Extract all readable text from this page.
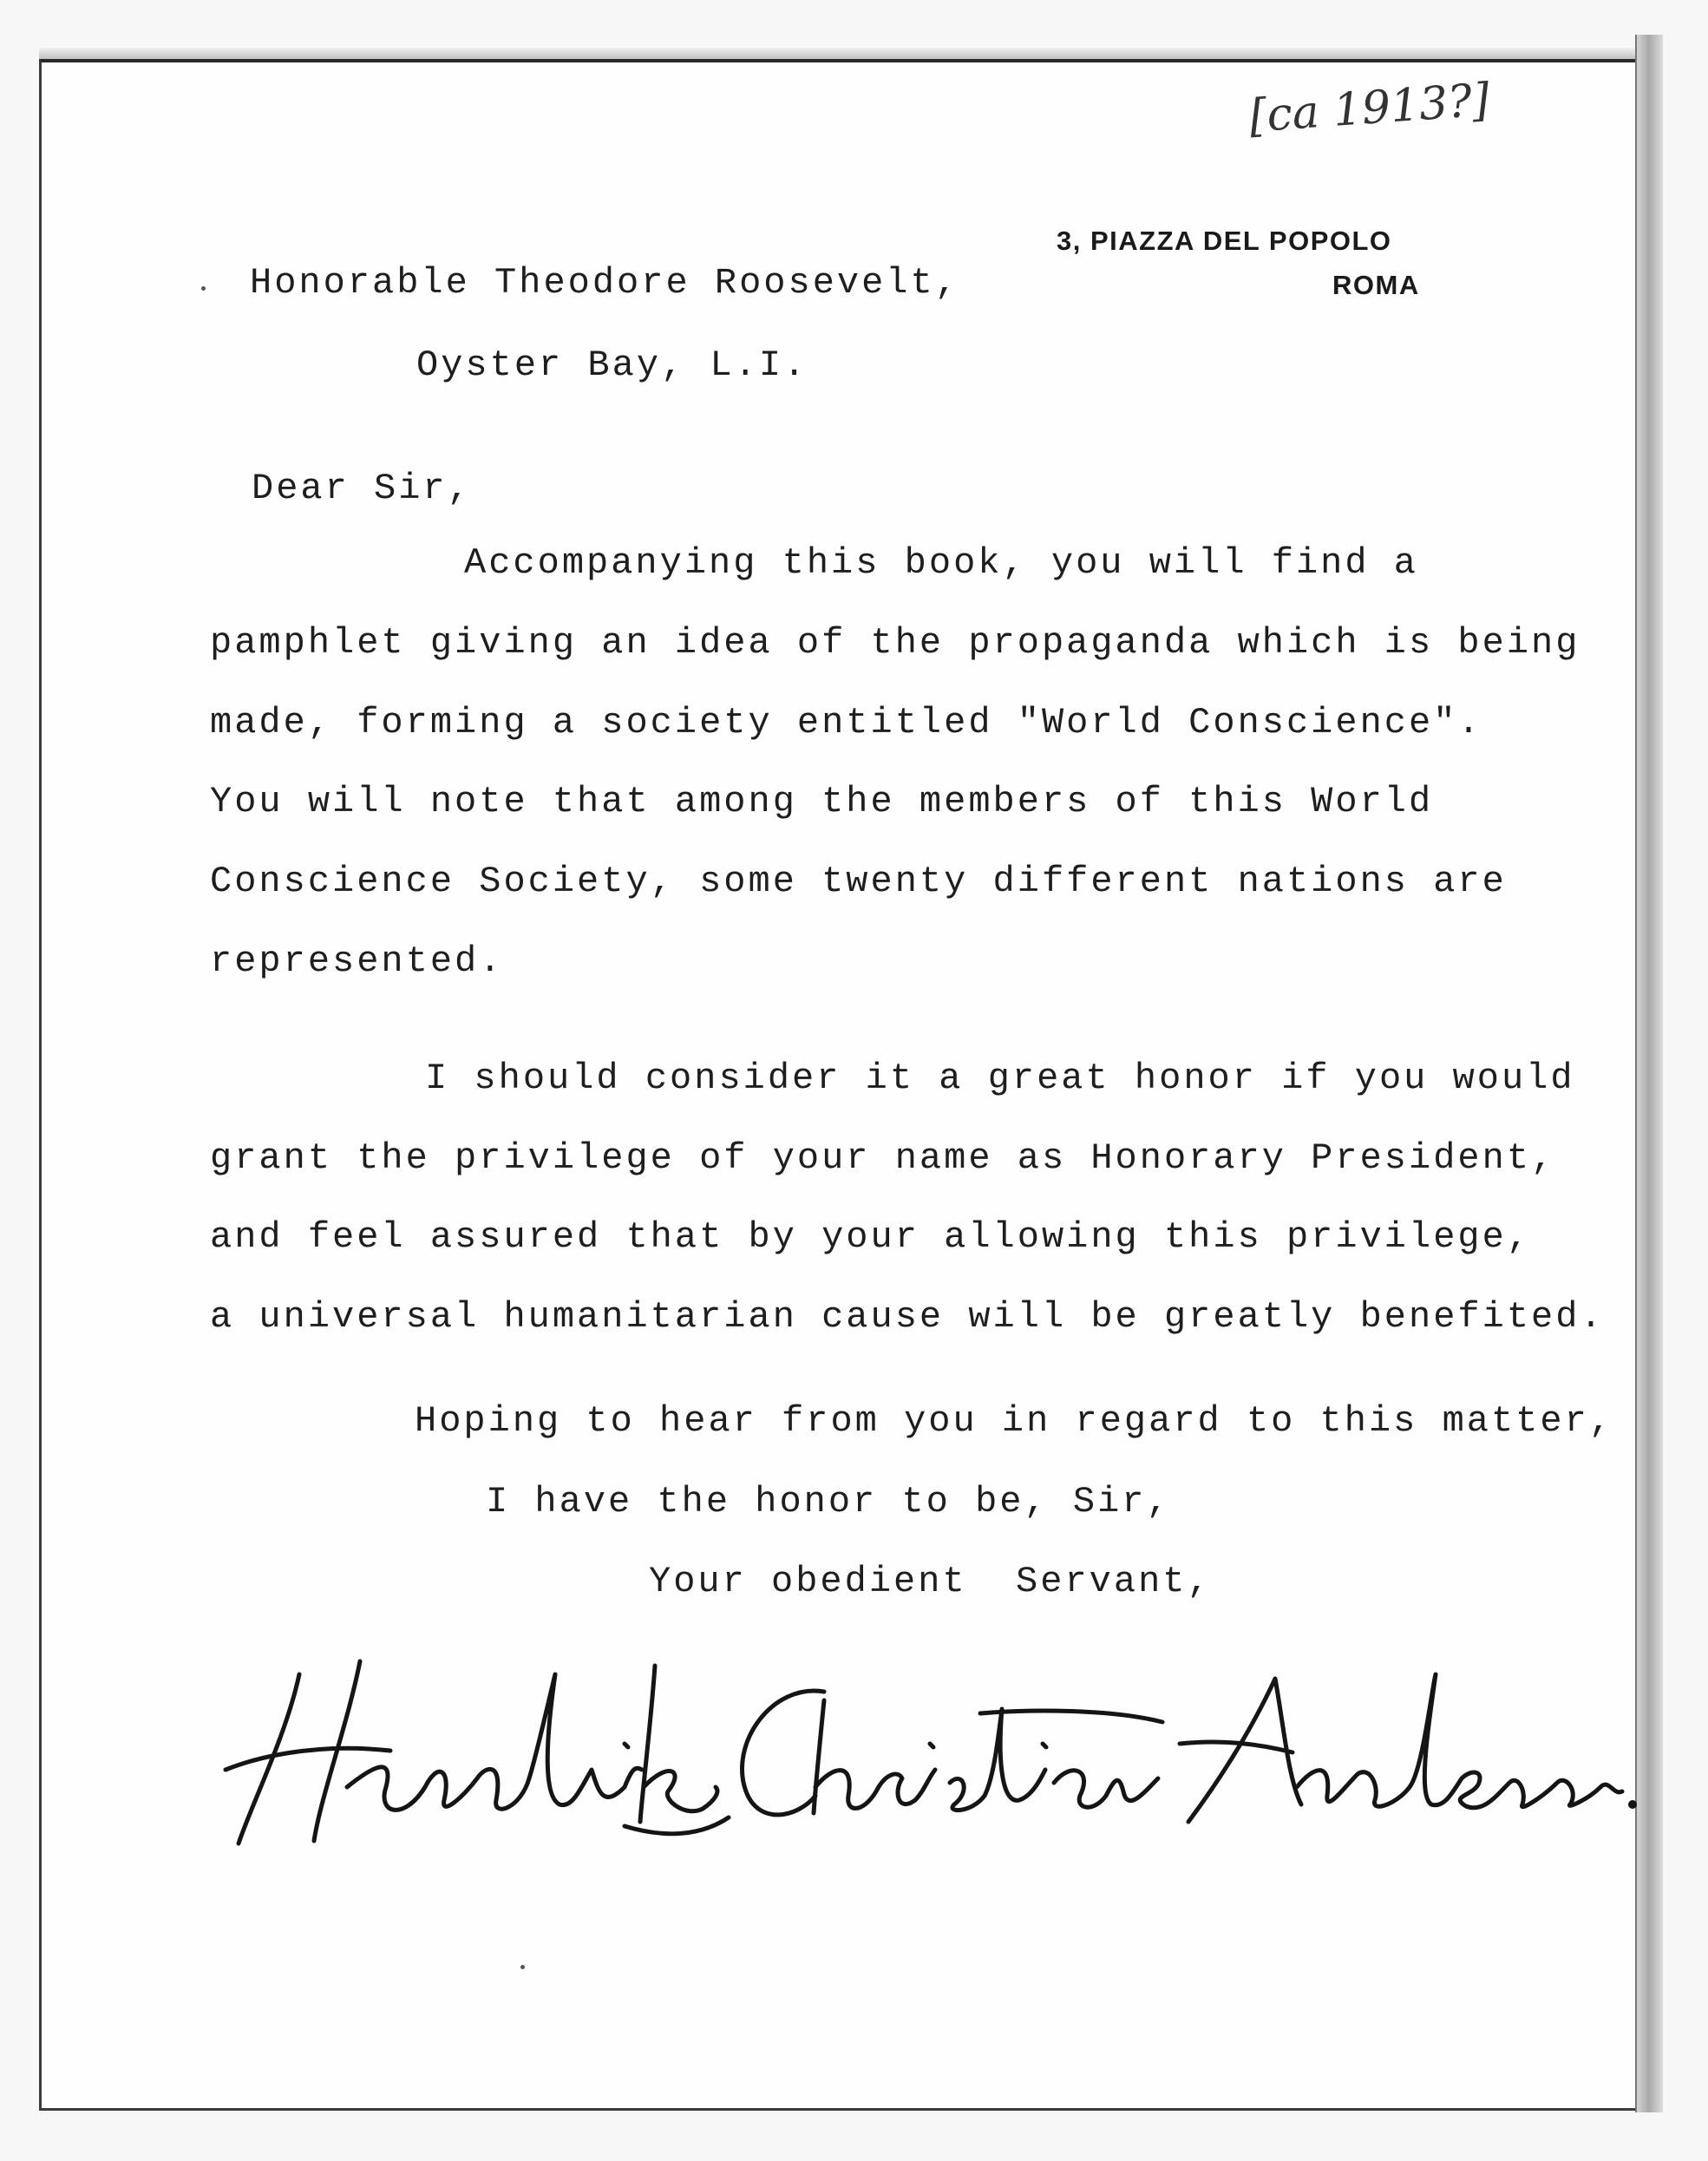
[ca 1913?]
3, PIAZZA DEL POPOLO
ROMA
Honorable Theodore Roosevelt,
Oyster Bay, L.I.
Dear Sir,
Accompanying this book, you will find a
pamphlet giving an idea of the propaganda which is being
made, forming a society entitled "World Conscience".
You will note that among the members of this World
Conscience Society, some twenty different nations are
represented.
I should consider it a great honor if you would
grant the privilege of your name as Honorary President,
and feel assured that by your allowing this privilege,
a universal humanitarian cause will be greatly benefited.
Hoping to hear from you in regard to this matter,
I have the honor to be, Sir,
Your obedient  Servant,
